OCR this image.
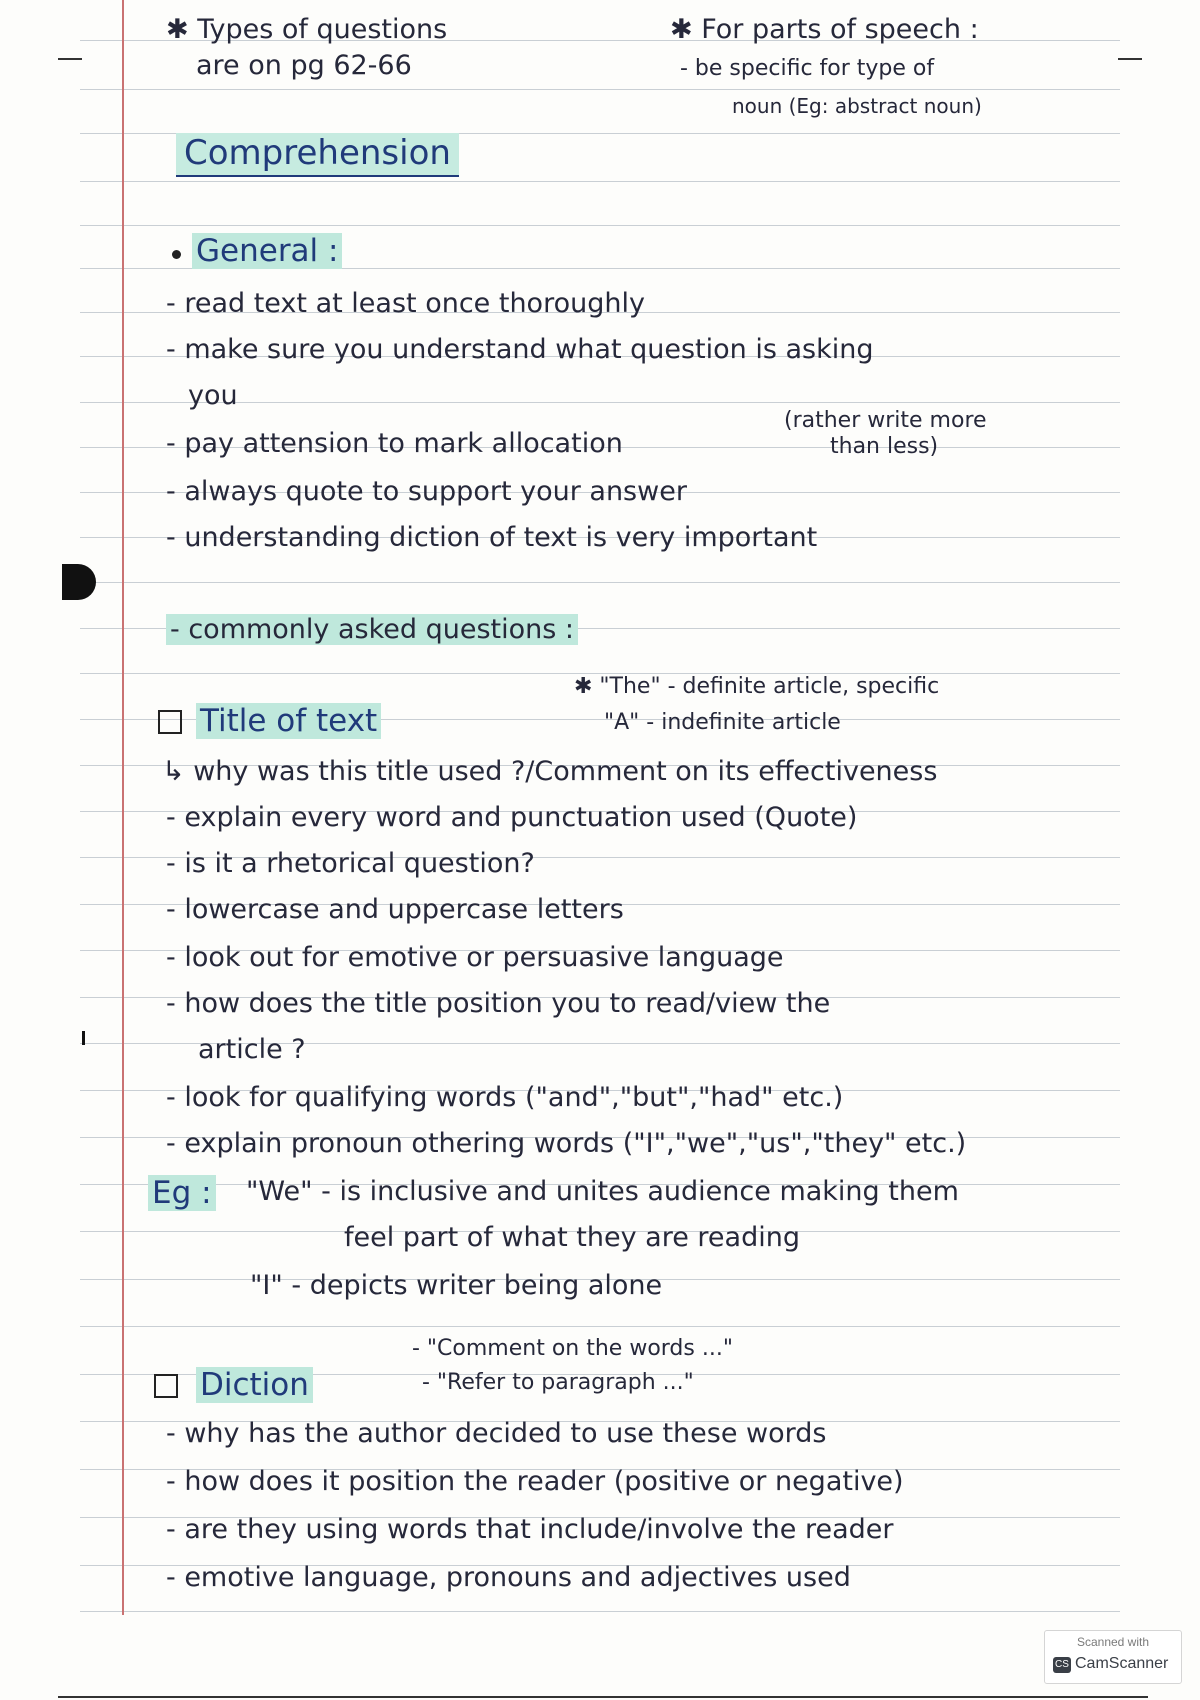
✱ Types of questions
are on pg 62-66
✱ For parts of speech :
- be specific for type of
noun (Eg: abstract noun)
Comprehension
General :
- read text at least once thoroughly
- make sure you understand what question is asking
you
- pay attension to mark allocation
(rather write more
than less)
- always quote to support your answer
- understanding diction of text is very important
- commonly asked questions :
✱ "The" - definite article, specific
"A" - indefinite article
Title of text
↳ why was this title used ?/Comment on its effectiveness
- explain every word and punctuation used (Quote)
- is it a rhetorical question?
- lowercase and uppercase letters
- look out for emotive or persuasive language
- how does the title position you to read/view the
article ?
- look for qualifying words ("and","but","had" etc.)
- explain pronoun othering words ("I","we","us","they" etc.)
Eg : "We" - is inclusive and unites audience making them
feel part of what they are reading
"I" - depicts writer being alone
- "Comment on the words ..."
- "Refer to paragraph ..."
Diction
- why has the author decided to use these words
- how does it position the reader (positive or negative)
- are they using words that include/involve the reader
- emotive language, pronouns and adjectives used
Scanned with
CS CamScanner
